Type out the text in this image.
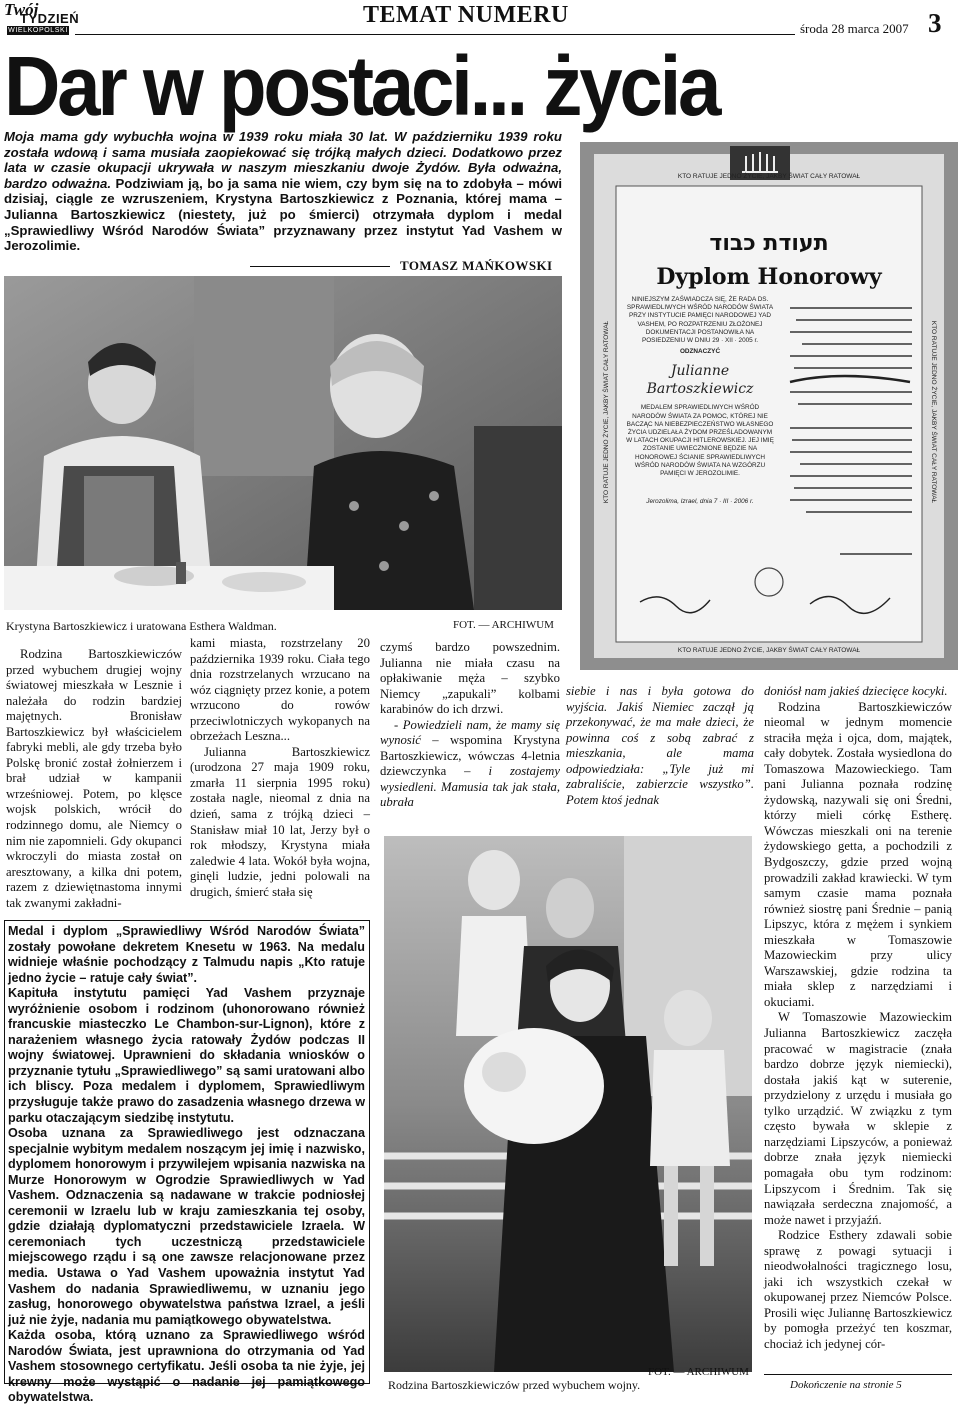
Twój
TYDZIEŃ
WIELKOPOLSKI
TEMAT NUMERU
środa 28 marca 2007 3
Dar w postaci... życia
Moja mama gdy wybuchła wojna w 1939 roku miała 30 lat. W październiku 1939 roku została wdową i sama musiała zaopiekować się trójką małych dzieci. Dodatkowo przez lata w czasie okupacji ukrywała w naszym mieszkaniu dwoje Żydów. Była odważna, bardzo odważna. Podziwiam ją, bo ja sama nie wiem, czy bym się na to zdobyła – mówi dzisiaj, ciągle ze wzruszeniem, Krystyna Bartoszkiewicz z Poznania, której mama – Julianna Bartoszkiewicz (niestety, już po śmierci) otrzymała dyplom i medal „Sprawiedliwy Wśród Narodów Świata” przyznawany przez instytut Yad Vashem w Jerozolimie.
TOMASZ MAŃKOWSKI
Krystyna Bartoszkiewicz i uratowana Esthera Waldman.	FOT. — ARCHIWUM
תעודת כבוד
Dyplom Honorowy
NINIEJSZYM ZAŚWIADCZA SIĘ, ŻE RADA DS. SPRAWIEDLIWYCH WŚRÓD NARODÓW ŚWIATA PRZY INSTYTUCIE PAMIĘCI NARODOWEJ YAD VASHEM, PO ROZPATRZENIU ZŁOŻONEJ DOKUMENTACJI POSTANOWIŁA NA POSIEDZENIU W DNIU 29 · XII · 2005 r.
ODZNACZYĆ
Julianne Bartoszkiewicz
MEDALEM SPRAWIEDLIWYCH WŚRÓD NARODÓW ŚWIATA ZA POMOC, KTÓREJ NIE BACZĄC NA NIEBEZPIECZEŃSTWO WŁASNEGO ŻYCIA UDZIELAŁA ŻYDOM PRZEŚLADOWANYM W LATACH OKUPACJI HITLEROWSKIEJ. JEJ IMIĘ ZOSTANIE UWIECZNIONE BĘDZIE NA HONOROWEJ ŚCIANIE SPRAWIEDLIWYCH WŚRÓD NARODÓW ŚWIATA NA WZGÓRZU PAMIĘCI W JEROZOLIMIE.
Jerozolima, Izrael, dnia 7 · III · 2006 r.
KTO RATUJE JEDNO ŻYCIE, JAKBY ŚWIAT CAŁY RATOWAŁ
KTO RATUJE JEDNO ŻYCIE, JAKBY ŚWIAT CAŁY RATOWAŁ
KTO RATUJE JEDNO ŻYCIE, JAKBY ŚWIAT CAŁY RATOWAŁ	KTO RATUJE JEDNO ŻYCIE, JAKBY ŚWIAT CAŁY RATOWAŁ

Rodzina Bartoszkiewiczów przed wybuchem drugiej wojny światowej mieszkała w Lesznie i należała do rodzin bardziej majętnych. Bronisław Bartoszkiewicz był właścicielem fabryki mebli, ale gdy trzeba było Polskę bronić został żołnierzem i brał udział w kampanii wrześniowej. Potem, po klęsce wojsk polskich, wrócił do rodzinnego domu, ale Niemcy o nim nie zapomnieli. Gdy okupanci wkroczyli do miasta został on aresztowany, a kilka dni potem, razem z dziewiętnastoma innymi tak zwanymi zakładni-

kami miasta, rozstrzelany 20 października 1939 roku. Ciała tego dnia rozstrzelanych wrzucano na wóz ciągnięty przez konie, a potem wrzucono do rowów przeciwlotniczych wykopanych na obrzeżach Leszna...

Julianna Bartoszkiewicz (urodzona 27 maja 1909 roku, zmarła 11 sierpnia 1995 roku) została nagle, nieomal z dnia na dzień, sama z trójką dzieci – Stanisław miał 10 lat, Jerzy był o rok młodszy, Krystyna miała zaledwie 4 lata. Wokół była wojna, ginęli ludzie, jedni polowali na drugich, śmierć stała się

czymś bardzo powszednim. Julianna nie miała czasu na opłakiwanie męża – szybko Niemcy „zapukali” kolbami karabinów do ich drzwi.

- Powiedzieli nam, że mamy się wynosić – wspomina Krystyna Bartoszkiewicz, wówczas 4-letnia dziewczynka – i zostajemy wysiedleni. Mamusia tak jak stała, ubrała

siebie i nas i była gotowa do wyjścia. Jakiś Niemiec zaczął ją przekonywać, że ma małe dzieci, że powinna coś z sobą zabrać z mieszkania, ale mama odpowiedziała: „Tyle już mi zabraliście, zabierzcie wszystko”. Potem ktoś jednak

doniósł nam jakieś dziecięce kocyki.

Rodzina Bartoszkiewiczów nieomal w jednym momencie straciła męża i ojca, dom, majątek, cały dobytek. Została wysiedlona do Tomaszowa Mazowieckiego. Tam pani Julianna poznała rodzinę żydowską, nazywali się oni Średni, którzy mieli córkę Estherę. Wówczas mieszkali oni na terenie żydowskiego getta, a pochodzili z Bydgoszczy, gdzie przed wojną prowadzili zakład krawiecki. W tym samym czasie mama poznała również siostrę pani Średnie – panią Lipszyc, która z mężem i synkiem mieszkała w Tomaszowie Mazowieckim przy ulicy Warszawskiej, gdzie rodzina ta miała sklep z narzędziami i okuciami.

W Tomaszowie Mazowieckim Julianna Bartoszkiewicz zaczęła pracować w magistracie (znała bardzo dobrze język niemiecki), dostała jakiś kąt w suterenie, przydzielony z urzędu i musiała go tylko urządzić. W związku z tym często bywała w sklepie z narzędziami Lipszyców, a ponieważ dobrze znała język niemiecki pomagała obu tym rodzinom: Lipszycom i Średnim. Tak się nawiązała serdeczna znajomość, a może nawet i przyjaźń.

Rodzice Esthery zdawali sobie sprawę z powagi sytuacji i nieodwołalności tragicznego losu, jaki ich wszystkich czekał w okupowanej przez Niemców Polsce. Prosili więc Juliannę Bartoszkiewicz by pomogła przeżyć ten koszmar, chociaż ich jedynej cór-

Medal i dyplom „Sprawiedliwy Wśród Narodów Świata” zostały powołane dekretem Knesetu w 1963. Na medalu widnieje właśnie pochodzący z Talmudu napis „Kto ratuje jedno życie – ratuje cały świat”.

Kapituła instytutu pamięci Yad Vashem przyznaje wyróżnienie osobom i rodzinom (uhonorowano również francuskie miasteczko Le Chambon-sur-Lignon), które z narażeniem własnego życia ratowały Żydów podczas II wojny światowej. Uprawnieni do składania wniosków o przyznanie tytułu „Sprawiedliwego” są sami uratowani albo ich bliscy. Poza medalem i dyplomem, Sprawiedliwym przysługuje także prawo do zasadzenia własnego drzewa w parku otaczającym siedzibę instytutu.

Osoba uznana za Sprawiedliwego jest odznaczana specjalnie wybitym medalem noszącym jej imię i nazwisko, dyplomem honorowym i przywilejem wpisania nazwiska na Murze Honorowym w Ogrodzie Sprawiedliwych w Yad Vashem. Odznaczenia są nadawane w trakcie podniosłej ceremonii w Izraelu lub w kraju zamieszkania tej osoby, gdzie działają dyplomatyczni przedstawiciele Izraela. W ceremoniach tych uczestniczą przedstawiciele miejscowego rządu i są one zawsze relacjonowane przez media. Ustawa o Yad Vashem upoważnia instytut Yad Vashem do nadania Sprawiedliwemu, w uznaniu jego zasług, honorowego obywatelstwa państwa Izrael, a jeśli już nie żyje, nadania mu pamiątkowego obywatelstwa.

Każda osoba, którą uznano za Sprawiedliwego wśród Narodów Świata, jest uprawniona do otrzymania od Yad Vashem stosownego certyfikatu. Jeśli osoba ta nie żyje, jej krewny może wystąpić o nadanie jej pamiątkowego obywatelstwa.

FOT. — ARCHIWUM
Rodzina Bartoszkiewiczów przed wybuchem wojny.	Dokończenie na stronie 5
